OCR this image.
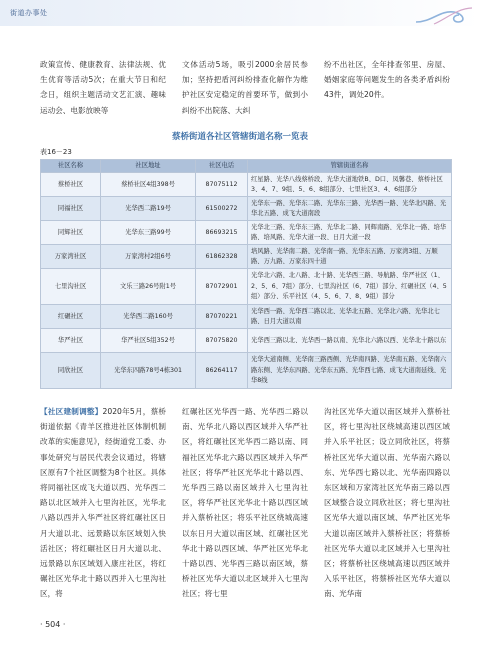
街道办事处

政策宣传、健康教育、法律法规、优生优育等活动5次；在重大节日和纪念日，组织主题活动文艺汇演、趣味运动会、电影放映等

文体活动5场，吸引2000余居民参加；坚持把盾河纠纷排查化解作为维护社区安定稳定的首要环节，做到小纠纷不出院落、大纠

纷不出社区，全年排查邻里、房屋、婚姻家庭等问题发生的各类矛盾纠纷43件，调处20件。

蔡桥街道各社区管辖街道名称一览表
表16－23
社区名称	社区地址	社区电话	管辖街道名称
蔡桥社区	蔡桥社区4组398号	87075112	红星路、光华八线蔡桥段、光华大道地铁B、D口、凤馨巷、蔡桥社区3、4、7、9组、5、6、8组部分、七里社区3、4、6组部分
同福社区	光华西二路19号	61500272	光华东一路、光华东二路、光华东三路、光华西一路、光华北四路、光华北五路、成飞大道南段
同辉社区	光华东三路99号	86693215	光华北三路、光华东三路、光华北二路、同辉南路、光华北一路、培华路、培风路、光华大道一段、日月大道一段
万家湾社区	万家湾村2组6号	61862328	培风路、光华南二路、光华南一路、光华东五路、万家湾3组、万顺路、万九路、万家东四十道
七里沟社区	文乐三路26号附1号	87072901	光华北六路、北八路、北十路、光华西三路、导航路、华严社区（1、2、5、6、7组）部分、七里沟社区（6、7组）部分、红碾社区（4、5组）部分、乐平社区（4、5、6、7、8、9组）部分
红碾社区	光华西二路160号	87070221	光华西一路、光华西二路以北、光华北五路、光华北六路、光华北七路、日月大道以南
华严社区	华严社区5组352号	87075820	光华西三路以北、光华西一路以南、光华北六路以西、光华北十路以东
同欣社区	光华东四路78号4栋301	86264117	光华大道南侧、光华南三路西侧、光华南四路、光华南五路、光华南六路东侧、光华东四路、光华东五路、光华西七路、成飞大道南延线、光华8线

【社区建制调整】2020年5月，蔡桥街道依据《青羊区推进社区体制机制改革的实施意见》，经街道党工委、办事处研究与居民代表会议通过，将辖区原有7个社区调整为8个社区。具体将同福社区成飞大道以西、光华西二路以北区域并入七里沟社区，光华北八路以西并入华严社区将红碾社区日月大道以北、远景路以东区域划入快活社区；将红碾社区日月大道以北、远景路以东区域划入康庄社区，将红碾社区光华北十路以西并入七里沟社区，将

红碾社区光华西一路、光华西二路以南、光华北八路以西区域并入华严社区，将红碾社区光华西二路以南、同福社区光华北六路以西区域并入华严社区；将华严社区光华北十路以西、光华西三路以南区域并入七里沟社区，将华严社区光华北十路以西区域并入蔡桥社区；将乐平社区绕城高速以东日月大道以南区域、红碾社区光华北十路以西区域、华严社区光华北十路以西、光华西三路以南区域，蔡桥社区光华大道以北区域并入七里沟社区；将七里

沟社区光华大道以南区域并入蔡桥社区，将七里沟社区绕城高速以西区域并入乐平社区；设立同欣社区，将蔡桥社区光华大道以南、光华南六路以东、光华西七路以北、光华南四路以东区域和万家湾社区光华南三路以西区域整合设立同欣社区；将七里沟社区光华大道以南区域、华严社区光华大道以南区域并入蔡桥社区；将蔡桥社区光华大道以北区域并入七里沟社区；将蔡桥社区绕城高速以西区域并入乐平社区，将蔡桥社区光华大道以南、光华南

· 504 ·
